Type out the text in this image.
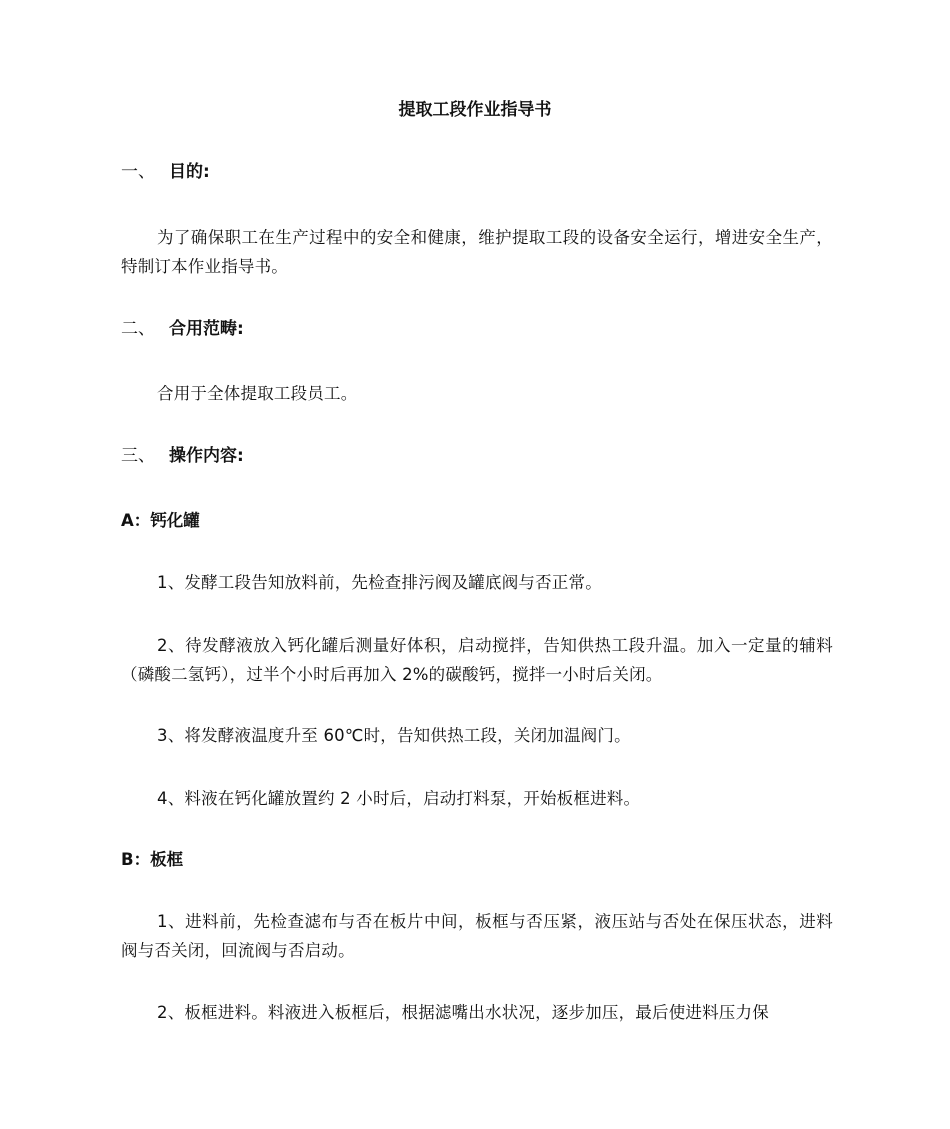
提取工段作业指导书
一、 目的:
为了确保职工在生产过程中的安全和健康，维护提取工段的设备安全运行，增进安全生产，特制订本作业指导书。
二、 合用范畴:
合用于全体提取工段员工。
三、 操作内容:
A：钙化罐
1、发酵工段告知放料前，先检查排污阀及罐底阀与否正常。
2、待发酵液放入钙化罐后测量好体积，启动搅拌，告知供热工段升温。加入一定量的辅料（磷酸二氢钙），过半个小时后再加入 2%的碳酸钙，搅拌一小时后关闭。
3、将发酵液温度升至 60℃时，告知供热工段，关闭加温阀门。
4、料液在钙化罐放置约 2 小时后，启动打料泵，开始板框进料。
B：板框
1、进料前，先检查滤布与否在板片中间，板框与否压紧，液压站与否处在保压状态，进料阀与否关闭，回流阀与否启动。
2、板框进料。料液进入板框后，根据滤嘴出水状况，逐步加压，最后使进料压力保
